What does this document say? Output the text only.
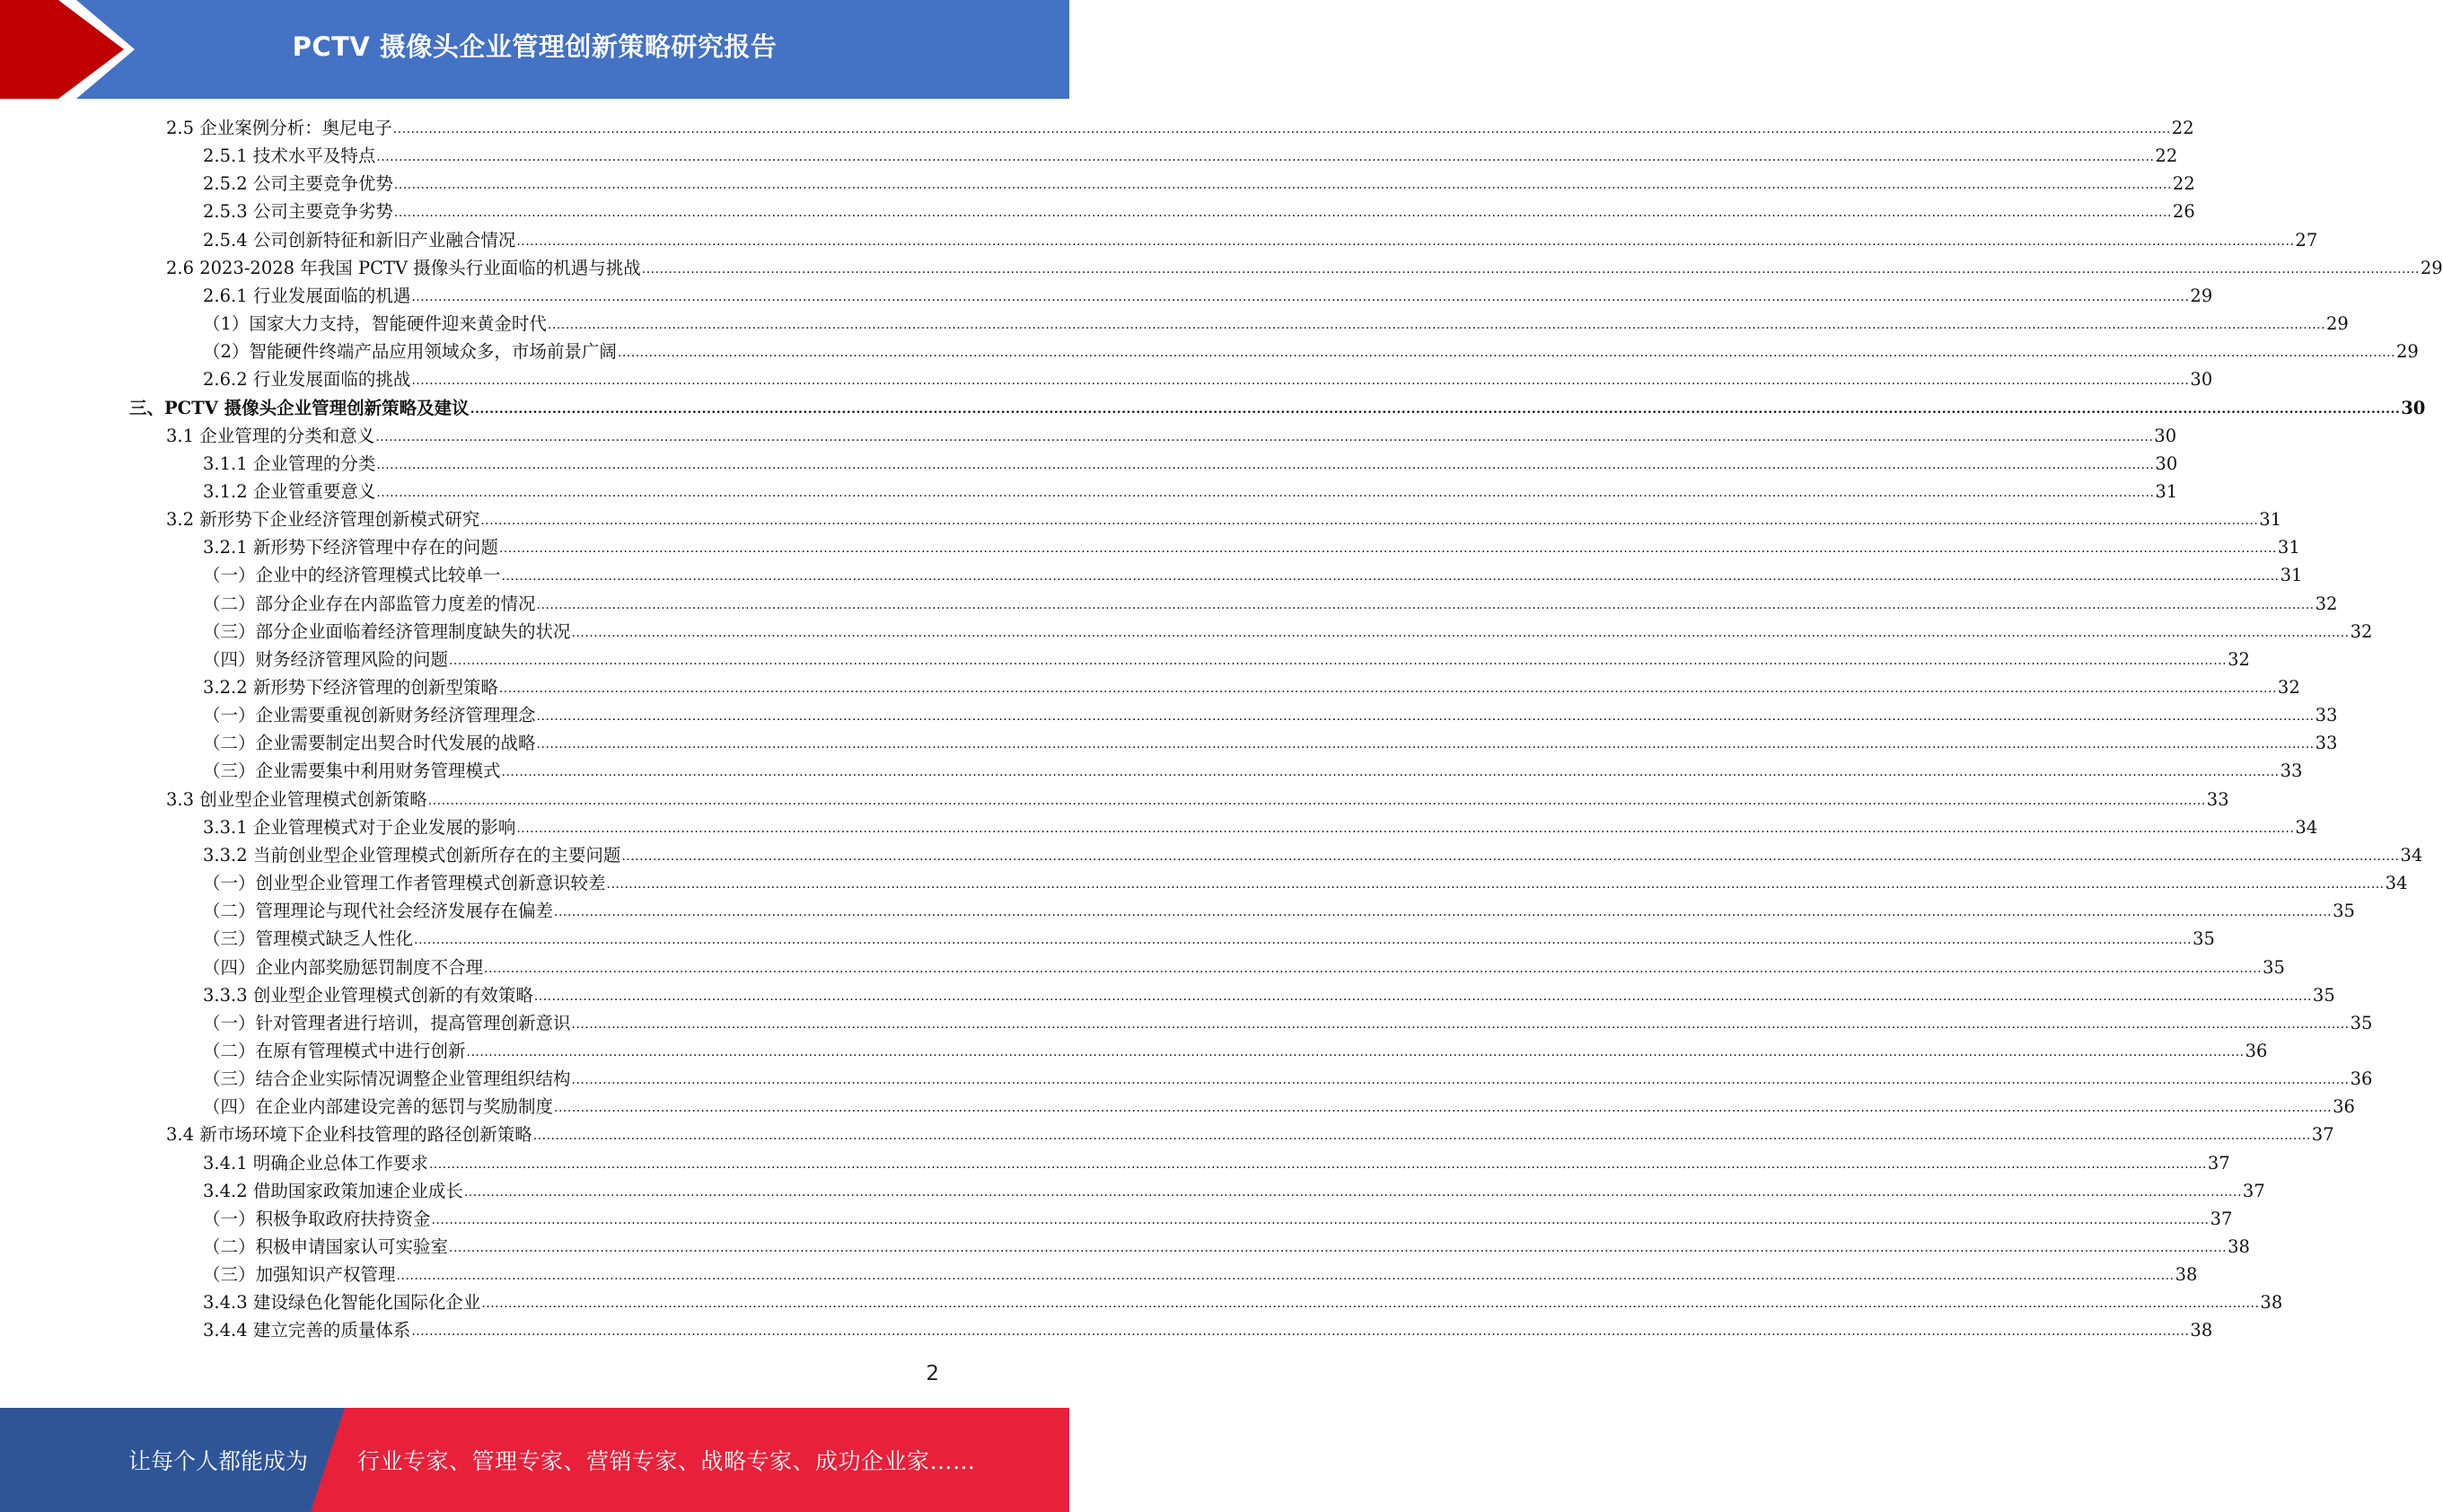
PCTV 摄像头企业管理创新策略研究报告
2.5 企业案例分析：奥尼电子 ................................................................................................................................................................................................................................................................................................................................................................................................................ 22
2.5.1 技术水平及特点 ................................................................................................................................................................................................................................................................................................................................................................................................................ 22
2.5.2 公司主要竞争优势 ................................................................................................................................................................................................................................................................................................................................................................................................................ 22
2.5.3 公司主要竞争劣势 ................................................................................................................................................................................................................................................................................................................................................................................................................ 26
2.5.4 公司创新特征和新旧产业融合情况 ................................................................................................................................................................................................................................................................................................................................................................................................................ 27
2.6 2023-2028 年我国 PCTV 摄像头行业面临的机遇与挑战 ................................................................................................................................................................................................................................................................................................................................................................................................................ 29
2.6.1 行业发展面临的机遇 ................................................................................................................................................................................................................................................................................................................................................................................................................ 29
（1）国家大力支持，智能硬件迎来黄金时代 ................................................................................................................................................................................................................................................................................................................................................................................................................ 29
（2）智能硬件终端产品应用领域众多，市场前景广阔 ................................................................................................................................................................................................................................................................................................................................................................................................................ 29
2.6.2 行业发展面临的挑战 ................................................................................................................................................................................................................................................................................................................................................................................................................ 30
三、PCTV 摄像头企业管理创新策略及建议 ................................................................................................................................................................................................................................................................................................................................................................................................................ 30
3.1 企业管理的分类和意义 ................................................................................................................................................................................................................................................................................................................................................................................................................ 30
3.1.1 企业管理的分类 ................................................................................................................................................................................................................................................................................................................................................................................................................ 30
3.1.2 企业管重要意义 ................................................................................................................................................................................................................................................................................................................................................................................................................ 31
3.2 新形势下企业经济管理创新模式研究 ................................................................................................................................................................................................................................................................................................................................................................................................................ 31
3.2.1 新形势下经济管理中存在的问题 ................................................................................................................................................................................................................................................................................................................................................................................................................ 31
（一）企业中的经济管理模式比较单一 ................................................................................................................................................................................................................................................................................................................................................................................................................ 31
（二）部分企业存在内部监管力度差的情况 ................................................................................................................................................................................................................................................................................................................................................................................................................ 32
（三）部分企业面临着经济管理制度缺失的状况 ................................................................................................................................................................................................................................................................................................................................................................................................................ 32
（四）财务经济管理风险的问题 ................................................................................................................................................................................................................................................................................................................................................................................................................ 32
3.2.2 新形势下经济管理的创新型策略 ................................................................................................................................................................................................................................................................................................................................................................................................................ 32
（一）企业需要重视创新财务经济管理理念 ................................................................................................................................................................................................................................................................................................................................................................................................................ 33
（二）企业需要制定出契合时代发展的战略 ................................................................................................................................................................................................................................................................................................................................................................................................................ 33
（三）企业需要集中利用财务管理模式 ................................................................................................................................................................................................................................................................................................................................................................................................................ 33
3.3 创业型企业管理模式创新策略 ................................................................................................................................................................................................................................................................................................................................................................................................................ 33
3.3.1 企业管理模式对于企业发展的影响 ................................................................................................................................................................................................................................................................................................................................................................................................................ 34
3.3.2 当前创业型企业管理模式创新所存在的主要问题 ................................................................................................................................................................................................................................................................................................................................................................................................................ 34
（一）创业型企业管理工作者管理模式创新意识较差 ................................................................................................................................................................................................................................................................................................................................................................................................................ 34
（二）管理理论与现代社会经济发展存在偏差 ................................................................................................................................................................................................................................................................................................................................................................................................................ 35
（三）管理模式缺乏人性化 ................................................................................................................................................................................................................................................................................................................................................................................................................ 35
（四）企业内部奖励惩罚制度不合理 ................................................................................................................................................................................................................................................................................................................................................................................................................ 35
3.3.3 创业型企业管理模式创新的有效策略 ................................................................................................................................................................................................................................................................................................................................................................................................................ 35
（一）针对管理者进行培训，提高管理创新意识 ................................................................................................................................................................................................................................................................................................................................................................................................................ 35
（二）在原有管理模式中进行创新 ................................................................................................................................................................................................................................................................................................................................................................................................................ 36
（三）结合企业实际情况调整企业管理组织结构 ................................................................................................................................................................................................................................................................................................................................................................................................................ 36
（四）在企业内部建设完善的惩罚与奖励制度 ................................................................................................................................................................................................................................................................................................................................................................................................................ 36
3.4 新市场环境下企业科技管理的路径创新策略 ................................................................................................................................................................................................................................................................................................................................................................................................................ 37
3.4.1 明确企业总体工作要求 ................................................................................................................................................................................................................................................................................................................................................................................................................ 37
3.4.2 借助国家政策加速企业成长 ................................................................................................................................................................................................................................................................................................................................................................................................................ 37
（一）积极争取政府扶持资金 ................................................................................................................................................................................................................................................................................................................................................................................................................ 37
（二）积极申请国家认可实验室 ................................................................................................................................................................................................................................................................................................................................................................................................................ 38
（三）加强知识产权管理 ................................................................................................................................................................................................................................................................................................................................................................................................................ 38
3.4.3 建设绿色化智能化国际化企业 ................................................................................................................................................................................................................................................................................................................................................................................................................ 38
3.4.4 建立完善的质量体系 ................................................................................................................................................................................................................................................................................................................................................................................................................ 38
2
让每个人都能成为 行业专家、管理专家、营销专家、战略专家、成功企业家……
